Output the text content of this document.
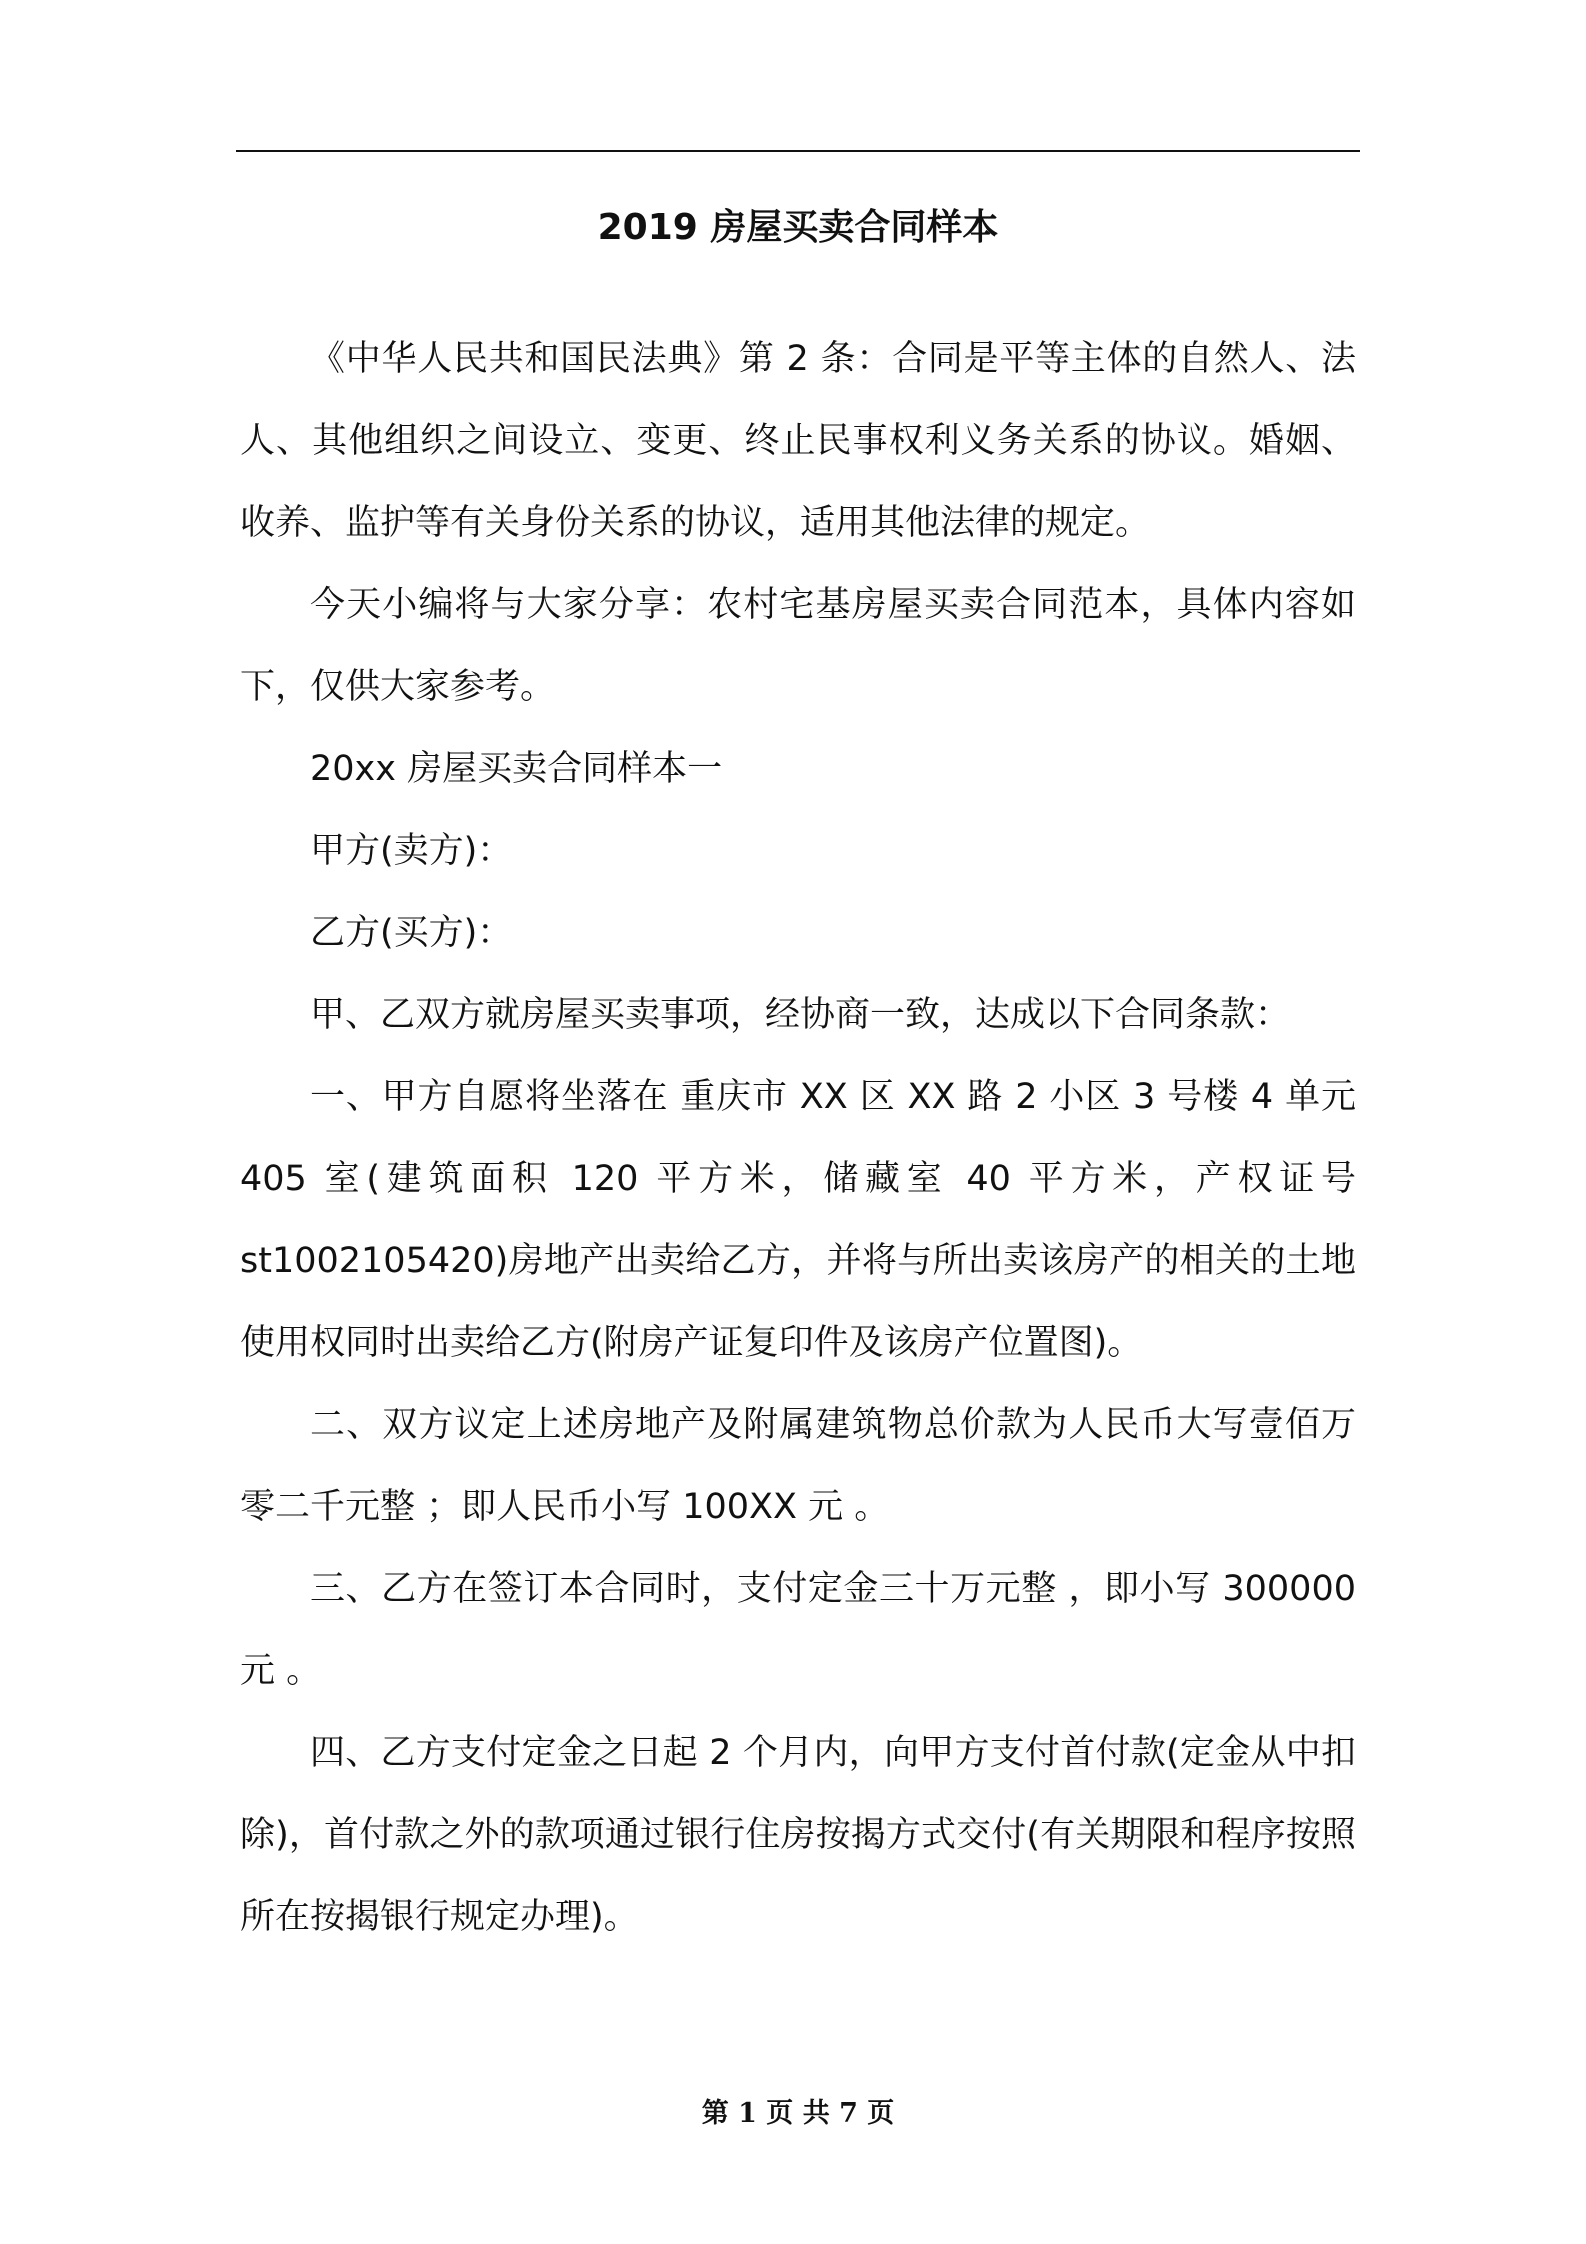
2019 房屋买卖合同样本

《中华人民共和国民法典》第 2 条：合同是平等主体的自然人、法人、其他组织之间设立、变更、终止民事权利义务关系的协议。婚姻、收养、监护等有关身份关系的协议，适用其他法律的规定。

今天小编将与大家分享：农村宅基房屋买卖合同范本，具体内容如下，仅供大家参考。

20xx 房屋买卖合同样本一

甲方(卖方)：

乙方(买方)：

甲、乙双方就房屋买卖事项，经协商一致，达成以下合同条款：

一、甲方自愿将坐落在 重庆市 XX 区 XX 路 2 小区 3 号楼 4 单元 405 室(建筑面积 120 平方米，储藏室 40 平方米，产权证号 st1002105420)房地产出卖给乙方，并将与所出卖该房产的相关的土地使用权同时出卖给乙方(附房产证复印件及该房产位置图)。

二、双方议定上述房地产及附属建筑物总价款为人民币大写壹佰万零二千元整 ；即人民币小写 100XX 元 。

三、乙方在签订本合同时，支付定金三十万元整 ，即小写 300000 元 。

四、乙方支付定金之日起 2 个月内，向甲方支付首付款(定金从中扣除)，首付款之外的款项通过银行住房按揭方式交付(有关期限和程序按照所在按揭银行规定办理)。

第 1 页 共 7 页
